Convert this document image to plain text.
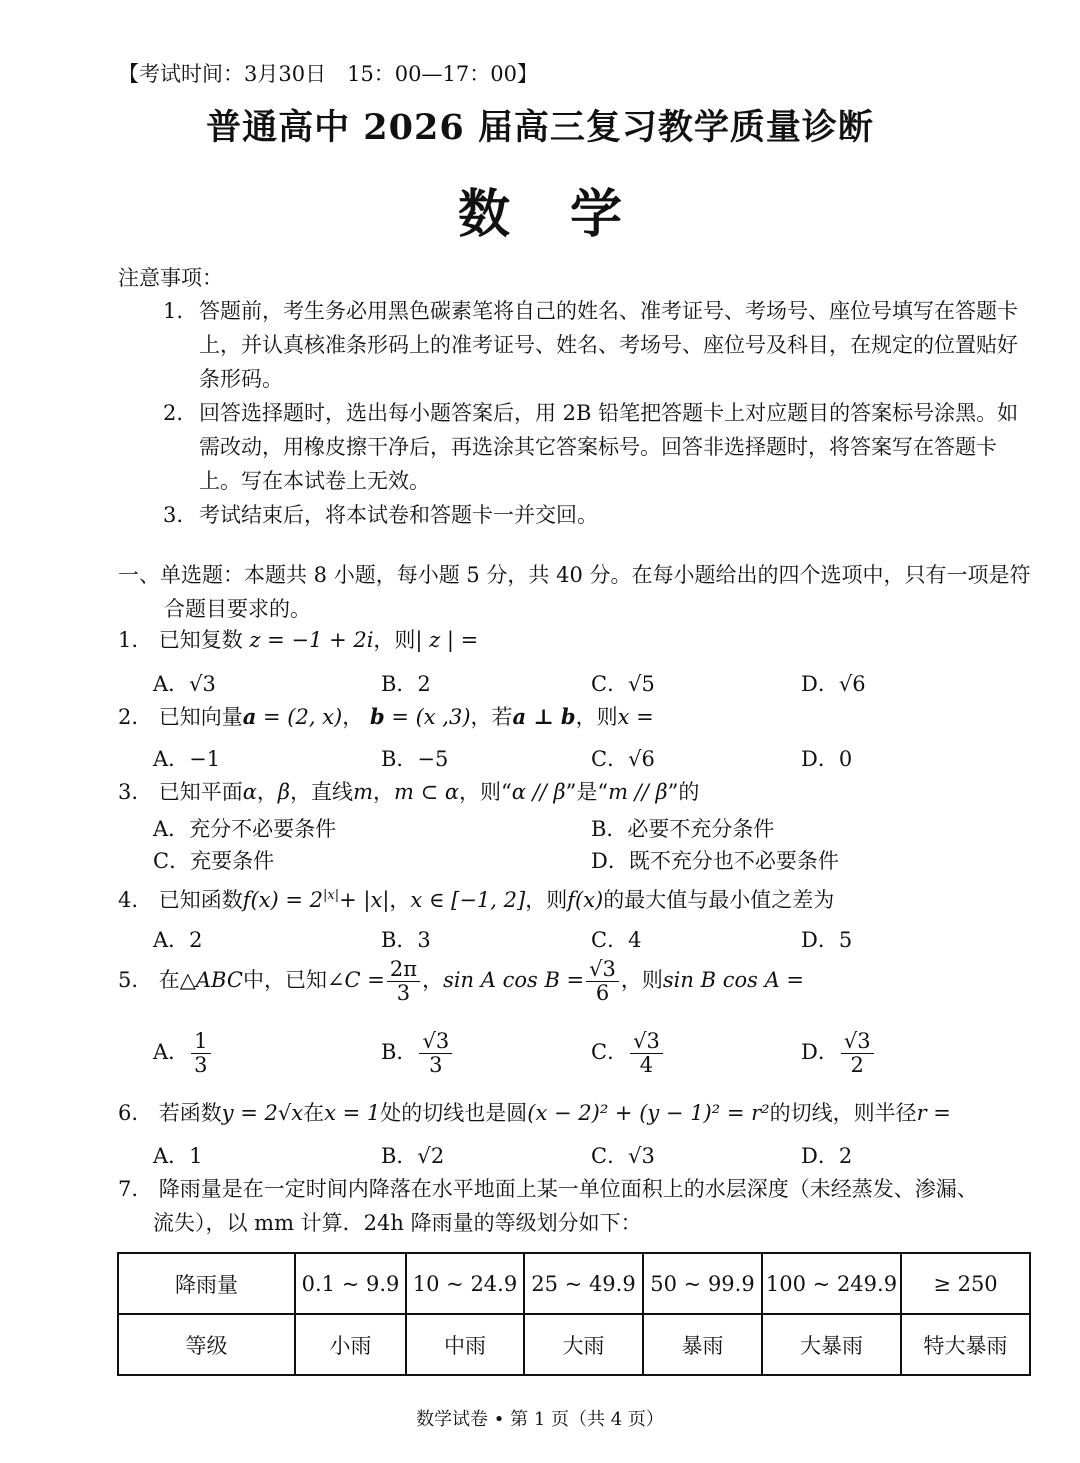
【考试时间：3月30日　15：00—17：00】
普通高中 2026 届高三复习教学质量诊断
数学
注意事项：
1. 答题前，考生务必用黑色碳素笔将自己的姓名、准考证号、考场号、座位号填写在答题卡上，并认真核准条形码上的准考证号、姓名、考场号、座位号及科目，在规定的位置贴好条形码。
2. 回答选择题时，选出每小题答案后，用 2B 铅笔把答题卡上对应题目的答案标号涂黑。如需改动，用橡皮擦干净后，再选涂其它答案标号。回答非选择题时，将答案写在答题卡上。写在本试卷上无效。
3. 考试结束后，将本试卷和答题卡一并交回。
一、单选题：本题共 8 小题，每小题 5 分，共 40 分。在每小题给出的四个选项中，只有一项是符合题目要求的。
1. 已知复数 z = −1 + 2i，则| z | =
A．√3	B．2	C．√5	D．√6
2. 已知向量a = (2, x)， b = (x ,3)，若a ⊥ b，则x =
A．−1	B．−5	C．√6	D．0
3. 已知平面α，β，直线m，m ⊂ α，则“α // β”是“m // β”的
A．充分不必要条件	B．必要不充分条件
C．充要条件	D．既不充分也不必要条件
4. 已知函数$f(x) = 2^{|x|}+ |x|$，x ∈ [−1, 2]，则f(x)的最大值与最小值之差为
A．2	B．3	C．4	D．5
5. 在△ABC中，已知∠C = $\frac{2\pi}{3}$ ，sin A $\cos B = \frac{√3}{6}$ ，则sin B cos A =
A． $\frac{1}{3}$	B． $\frac{√3}{3}$	C． $\frac{√3}{4}$	D． $\frac{√3}{2}$
6. 若函数y = 2√x在x = 1处的切线也是圆(x − 2)² + (y − 1)² = r²的切线，则半径r =
A．1	B．√2	C．√3	D．2
7. 降雨量是在一定时间内降落在水平地面上某一单位面积上的水层深度（未经蒸发、渗漏、
流失），以 mm 计算．24h 降雨量的等级划分如下：
降雨量	0.1 ~ 9.9	10 ~ 24.9	25 ~ 49.9	50 ~ 99.9	100 ~ 249.9	≥ 250
等级	小雨	中雨	大雨	暴雨	大暴雨	特大暴雨
数学试卷 • 第 1 页（共 4 页）
